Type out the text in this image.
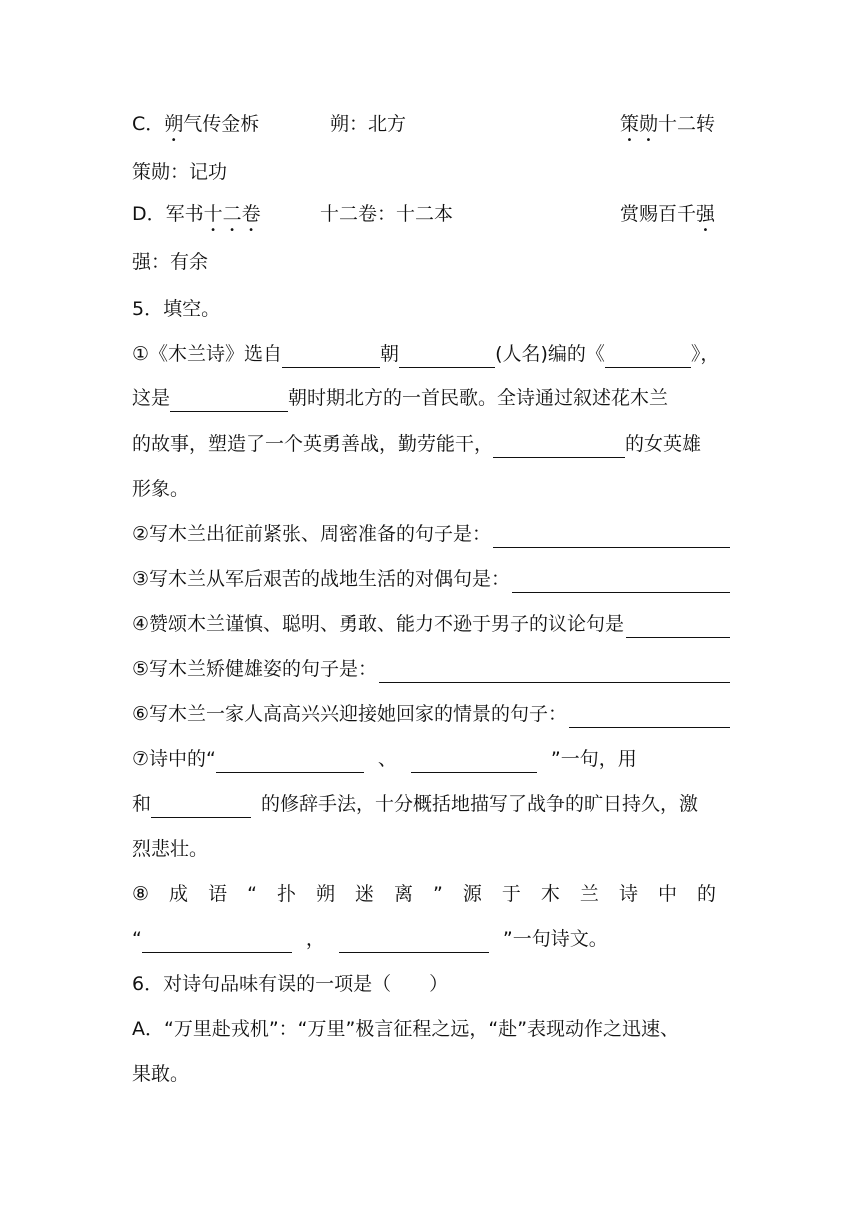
C．朔气传金柝	朔：北方	策勋十二转
策勋：记功
D．军书十二卷	十二卷：十二本	赏赐百千强
强：有余
5．填空。
①《木兰诗》选自	朝	(人名)编的《	》，
这是	朝时期北方的一首民歌。全诗通过叙述花木兰
的故事，塑造了一个英勇善战，勤劳能干，	的女英雄
形象。
②写木兰出征前紧张、周密准备的句子是：
③写木兰从军后艰苦的战地生活的对偶句是：
④赞颂木兰谨慎、聪明、勇敢、能力不逊于男子的议论句是
⑤写木兰矫健雄姿的句子是：
⑥写木兰一家人高高兴兴迎接她回家的情景的句子：
⑦诗中的“	、	”一句，用
和	的修辞手法，十分概括地描写了战争的旷日持久，激
烈悲壮。
⑧成语“扑朔迷离”源于木兰诗中的
“	，	”一句诗文。
6．对诗句品味有误的一项是（　　）
A．“万里赴戎机”：“万里”极言征程之远，“赴”表现动作之迅速、
果敢。
